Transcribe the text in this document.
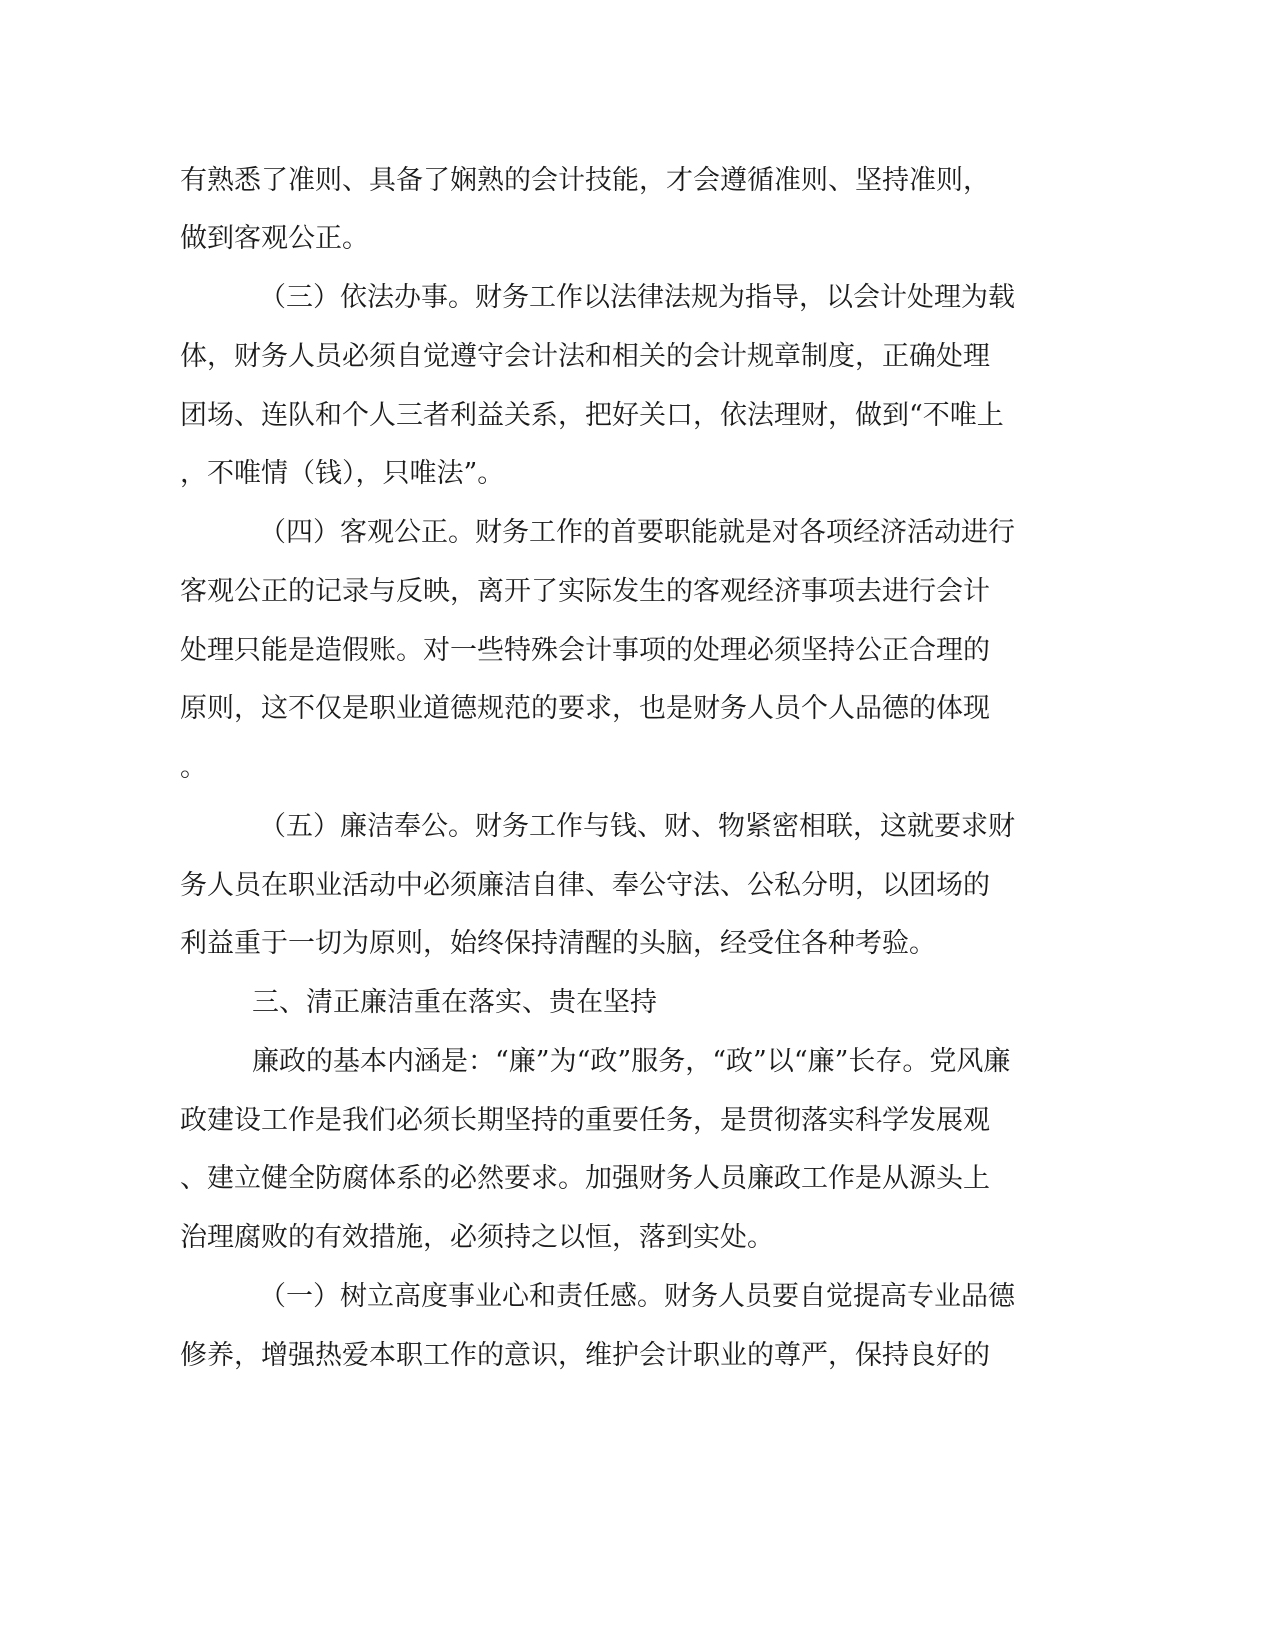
有熟悉了准则、具备了娴熟的会计技能，才会遵循准则、坚持准则，
做到客观公正。
（三）依法办事。财务工作以法律法规为指导，以会计处理为载
体，财务人员必须自觉遵守会计法和相关的会计规章制度，正确处理
团场、连队和个人三者利益关系，把好关口，依法理财，做到“不唯上
，不唯情（钱），只唯法”。
（四）客观公正。财务工作的首要职能就是对各项经济活动进行
客观公正的记录与反映，离开了实际发生的客观经济事项去进行会计
处理只能是造假账。对一些特殊会计事项的处理必须坚持公正合理的
原则，这不仅是职业道德规范的要求，也是财务人员个人品德的体现
。
（五）廉洁奉公。财务工作与钱、财、物紧密相联，这就要求财
务人员在职业活动中必须廉洁自律、奉公守法、公私分明，以团场的
利益重于一切为原则，始终保持清醒的头脑，经受住各种考验。
三、清正廉洁重在落实、贵在坚持
廉政的基本内涵是：“廉”为“政”服务，“政”以“廉”长存。党风廉
政建设工作是我们必须长期坚持的重要任务，是贯彻落实科学发展观
、建立健全防腐体系的必然要求。加强财务人员廉政工作是从源头上
治理腐败的有效措施，必须持之以恒，落到实处。
（一）树立高度事业心和责任感。财务人员要自觉提高专业品德
修养，增强热爱本职工作的意识，维护会计职业的尊严，保持良好的
